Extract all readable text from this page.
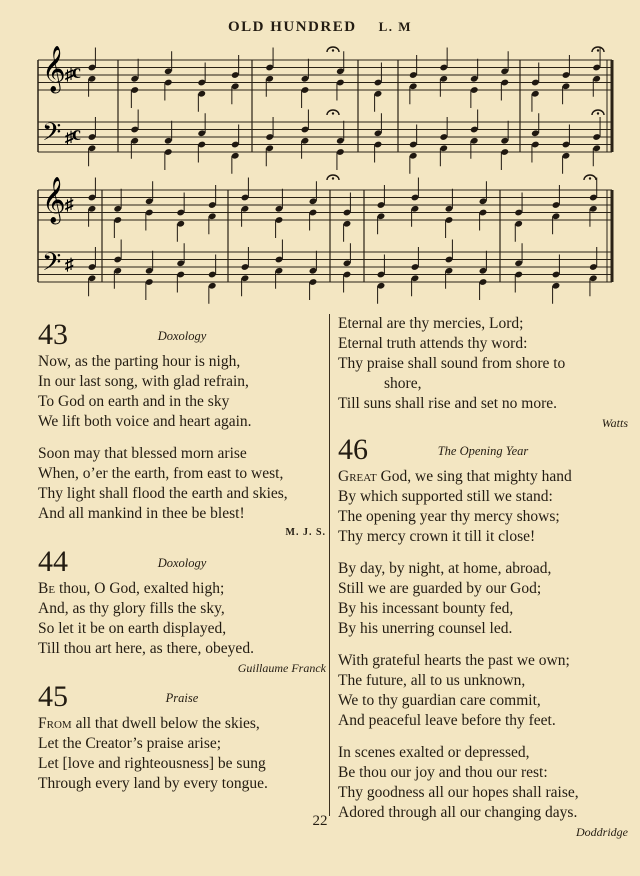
OLD HUNDRED L. M
𝄞
𝄢
𝄞
𝄢
♯
♯
♯
♯
c
c
43	Doxology
Now, as the parting hour is nigh,
In our last song, with glad refrain,
To God on earth and in the sky
We lift both voice and heart again.
Soon may that blessed morn arise
When, o’er the earth, from east to west,
Thy light shall flood the earth and skies,
And all mankind in thee be blest!
M. J. S.
44	Doxology
Be thou, O God, exalted high;
And, as thy glory fills the sky,
So let it be on earth displayed,
Till thou art here, as there, obeyed.
Guillaume Franck
45	Praise
From all that dwell below the skies,
Let the Creator’s praise arise;
Let [love and righteousness] be sung
Through every land by every tongue.
Eternal are thy mercies, Lord;
Eternal truth attends thy word:
Thy praise shall sound from shore to
shore,
Till suns shall rise and set no more.
Watts
46	The Opening Year
Great God, we sing that mighty hand
By which supported still we stand:
The opening year thy mercy shows;
Thy mercy crown it till it close!
By day, by night, at home, abroad,
Still we are guarded by our God;
By his incessant bounty fed,
By his unerring counsel led.
With grateful hearts the past we own;
The future, all to us unknown,
We to thy guardian care commit,
And peaceful leave before thy feet.
In scenes exalted or depressed,
Be thou our joy and thou our rest:
Thy goodness all our hopes shall raise,
Adored through all our changing days.
Doddridge
22
